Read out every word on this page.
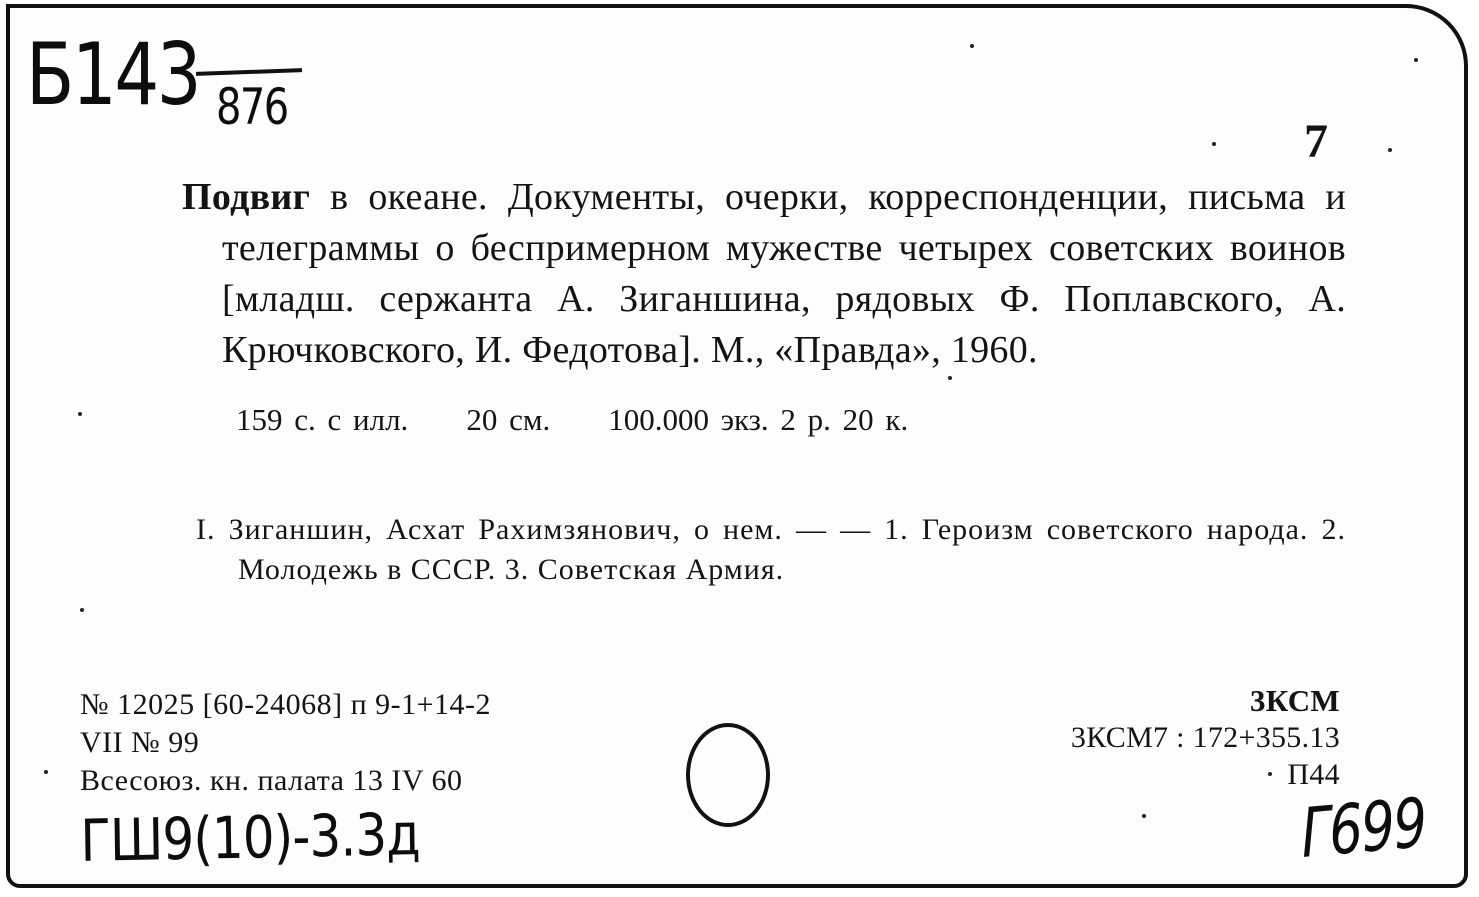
Б143 876
7
Подвиг в океане. Документы, очерки, корреспонденции, письма и телеграммы о беспримерном мужестве четырех советских воинов [младш. сержанта А. Зиганшина, рядовых Ф. Поплавского, А. Крючковского, И. Федотова]. М., «Правда», 1960.
159 с. с илл. 20 см. 100.000 экз. 2 р. 20 к.
I. Зиганшин, Асхат Рахимзянович, о нем. — — 1. Героизм советского народа. 2. Молодежь в СССР. 3. Советская Армия.
№ 12025 [60-24068] п 9-1+14-2
VII № 99
Всесоюз. кн. палата 13 IV 60
3КСМ
3КСМ7 : 172+355.13
П44
ГШ9(10)-3.3д	Г699
